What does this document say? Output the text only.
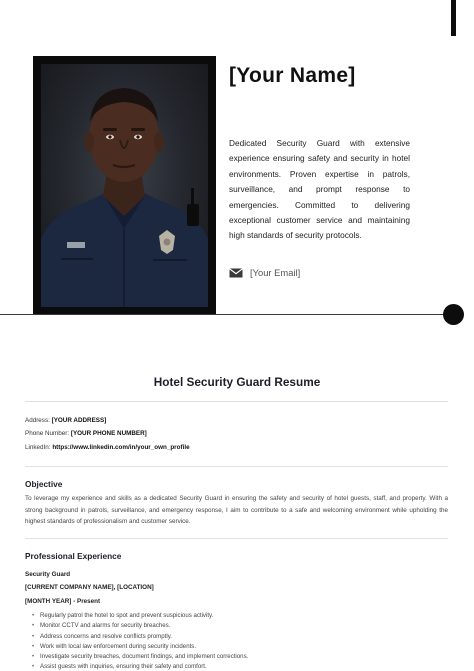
[Your Name]

Dedicated Security Guard with extensive experience ensuring safety and security in hotel environments. Proven expertise in patrols, surveillance, and prompt response to emergencies. Committed to delivering exceptional customer service and maintaining high standards of security protocols.

[Your Email]
Hotel Security Guard Resume
Address: [YOUR ADDRESS]
Phone Number: [YOUR PHONE NUMBER]
LinkedIn: https://www.linkedin.com/in/your_own_profile
Objective

To leverage my experience and skills as a dedicated Security Guard in ensuring the safety and security of hotel guests, staff, and property. With a strong background in patrols, surveillance, and emergency response, I aim to contribute to a safe and welcoming environment while upholding the highest standards of professionalism and customer service.

Professional Experience
Security Guard
[CURRENT COMPANY NAME], [LOCATION]
[MONTH YEAR] - Present
• Regularly patrol the hotel to spot and prevent suspicious activity.
• Monitor CCTV and alarms for security breaches.
• Address concerns and resolve conflicts promptly.
• Work with local law enforcement during security incidents.
• Investigate security breaches, document findings, and implement corrections.
• Assist guests with inquiries, ensuring their safety and comfort.
